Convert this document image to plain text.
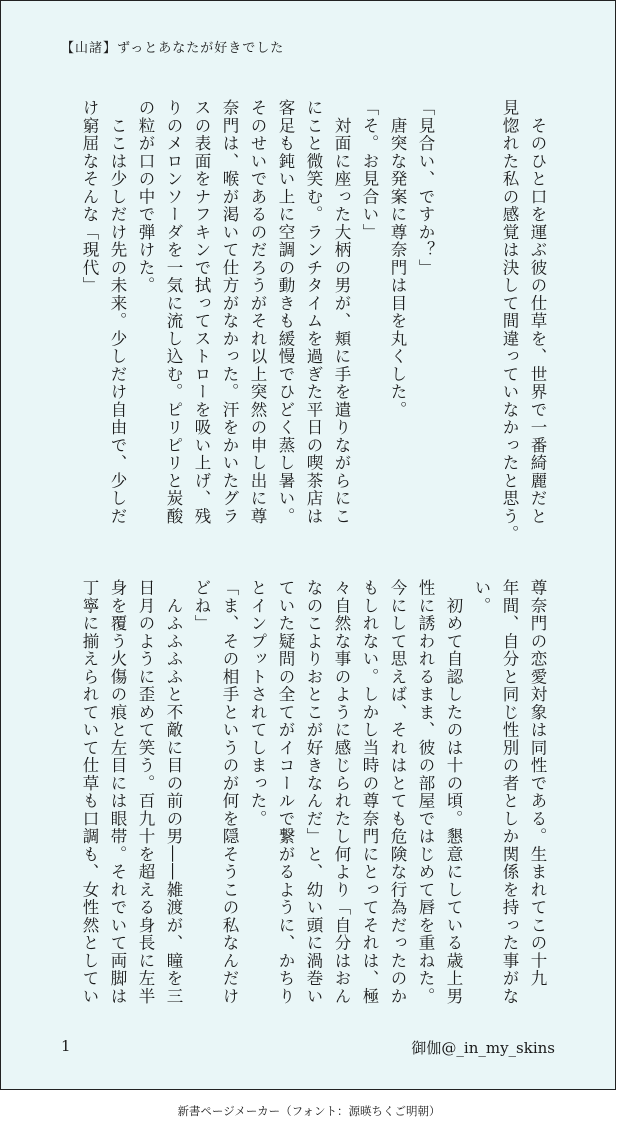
【山諸】ずっとあなたが好きでした

　そのひと口を運ぶ彼の仕草を、世界で一番綺麗だと

見惚れた私の感覚は決して間違っていなかったと思う。

「見合い、ですか？」

　唐突な発案に尊奈門は目を丸くした。

「そ。お見合い」

　対面に座った大柄の男が、頬に手を遣りながらにこ

にこと微笑む。ランチタイムを過ぎた平日の喫茶店は

客足も鈍い上に空調の動きも緩慢でひどく蒸し暑い。

そのせいであるのだろうがそれ以上突然の申し出に尊

奈門は、喉が渇いて仕方がなかった。汗をかいたグラ

スの表面をナフキンで拭ってストローを吸い上げ、残

りのメロンソーダを一気に流し込む。ピリピリと炭酸

の粒が口の中で弾けた。

　ここは少しだけ先の未来。少しだけ自由で、少しだ

け窮屈なそんな「現代」

尊奈門の恋愛対象は同性である。生まれてこの十九

年間、自分と同じ性別の者としか関係を持った事がな

い。

　初めて自認したのは十の頃。懇意にしている歳上男

性に誘われるまま、彼の部屋ではじめて唇を重ねた。

今にして思えば、それはとても危険な行為だったのか

もしれない。しかし当時の尊奈門にとってそれは、極

々自然な事のように感じられたし何より「自分はおん

なのこよりおとこが好きなんだ」と、幼い頭に渦巻い

ていた疑問の全てがイコールで繋がるように、かちり

とインプットされてしまった。

「ま、その相手というのが何を隠そうこの私なんだけ

どね」

　んふふふふと不敵に目の前の男――雑渡が、瞳を三

日月のように歪めて笑う。百九十を超える身長に左半

身を覆う火傷の痕と左目には眼帯。それでいて両脚は

丁寧に揃えられていて仕草も口調も、女性然としてい

1	御伽@_in_my_skins
新書ページメーカー（フォント：源暎ちくご明朝）
